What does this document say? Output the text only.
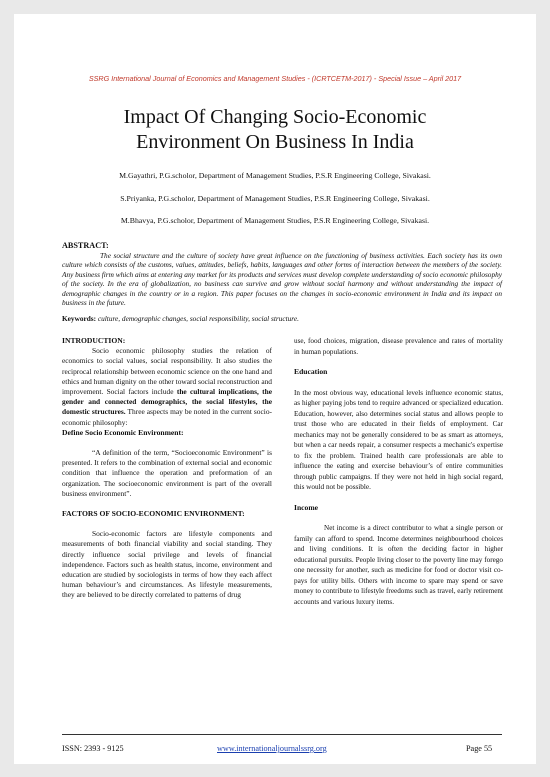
SSRG International Journal of Economics and Management Studies - (ICRTCETM-2017) - Special Issue – April 2017
Impact Of Changing Socio-Economic
Environment On Business In India
M.Gayathri, P.G.scholor, Department of Management Studies, P.S.R Engineering College, Sivakasi.
S.Priyanka, P.G.scholor, Department of Management Studies, P.S.R Engineering College, Sivakasi.
M.Bhavya, P.G.scholor, Department of Management Studies, P.S.R Engineering College, Sivakasi.
ABSTRACT:
The social structure and the culture of society have great influence on the functioning of business activities. Each society has its own culture which consists of the customs, values, attitudes, beliefs, habits, languages and other forms of interaction between the members of the society. Any business firm which aims at entering any market for its products and services must develop complete understanding of socio economic philosophy of the society. In the era of globalization, no business can survive and grow without social harmony and without understanding the impact of demographic changes in the country or in a region. This paper focuses on the changes in socio-economic environment in India and its impact on business in the future.
Keywords: culture, demographic changes, social responsibility, social structure.

INTRODUCTION:

Socio economic philosophy studies the relation of economics to social values, social responsibility. It also studies the reciprocal relationship between economic science on the one hand and ethics and human dignity on the other toward social reconstruction and improvement. Social factors include the cultural implications, the gender and connected demographics, the social lifestyles, the domestic structures. Three aspects may be noted in the current socio-economic philosophy:

Define Socio Economic Environment:

“A definition of the term, “Socioeconomic Environment” is presented. It refers to the combination of external social and economic condition that influence the operation and preformation of an organization. The socioeconomic environment is part of the overall business environment”.

FACTORS OF SOCIO-ECONOMIC ENVIRONMENT:

Socio-economic factors are lifestyle components and measurements of both financial viability and social standing. They directly influence social privilege and levels of financial independence. Factors such as health status, income, environment and education are studied by sociologists in terms of how they each affect human behaviour’s and circumstances. As lifestyle measurements, they are believed to be directly correlated to patterns of drug

use, food choices, migration, disease prevalence and rates of mortality in human populations.

Education

In the most obvious way, educational levels influence economic status, as higher paying jobs tend to require advanced or specialized education. Education, however, also determines social status and allows people to trust those who are educated in their fields of employment. Car mechanics may not be generally considered to be as smart as attorneys, but when a car needs repair, a consumer respects a mechanic's expertise to fix the problem. Trained health care professionals are able to influence the eating and exercise behaviour’s of entire communities through public campaigns. If they were not held in high social regard, this would not be possible.

Income

Net income is a direct contributor to what a single person or family can afford to spend. Income determines neighbourhood choices and living conditions. It is often the deciding factor in higher educational pursuits. People living closer to the poverty line may forego one necessity for another, such as medicine for food or doctor visit co-pays for utility bills. Others with income to spare may spend or save money to contribute to lifestyle freedoms such as travel, early retirement accounts and various luxury items.

ISSN: 2393 - 9125	www.internationaljournalssrg.org	Page 55
